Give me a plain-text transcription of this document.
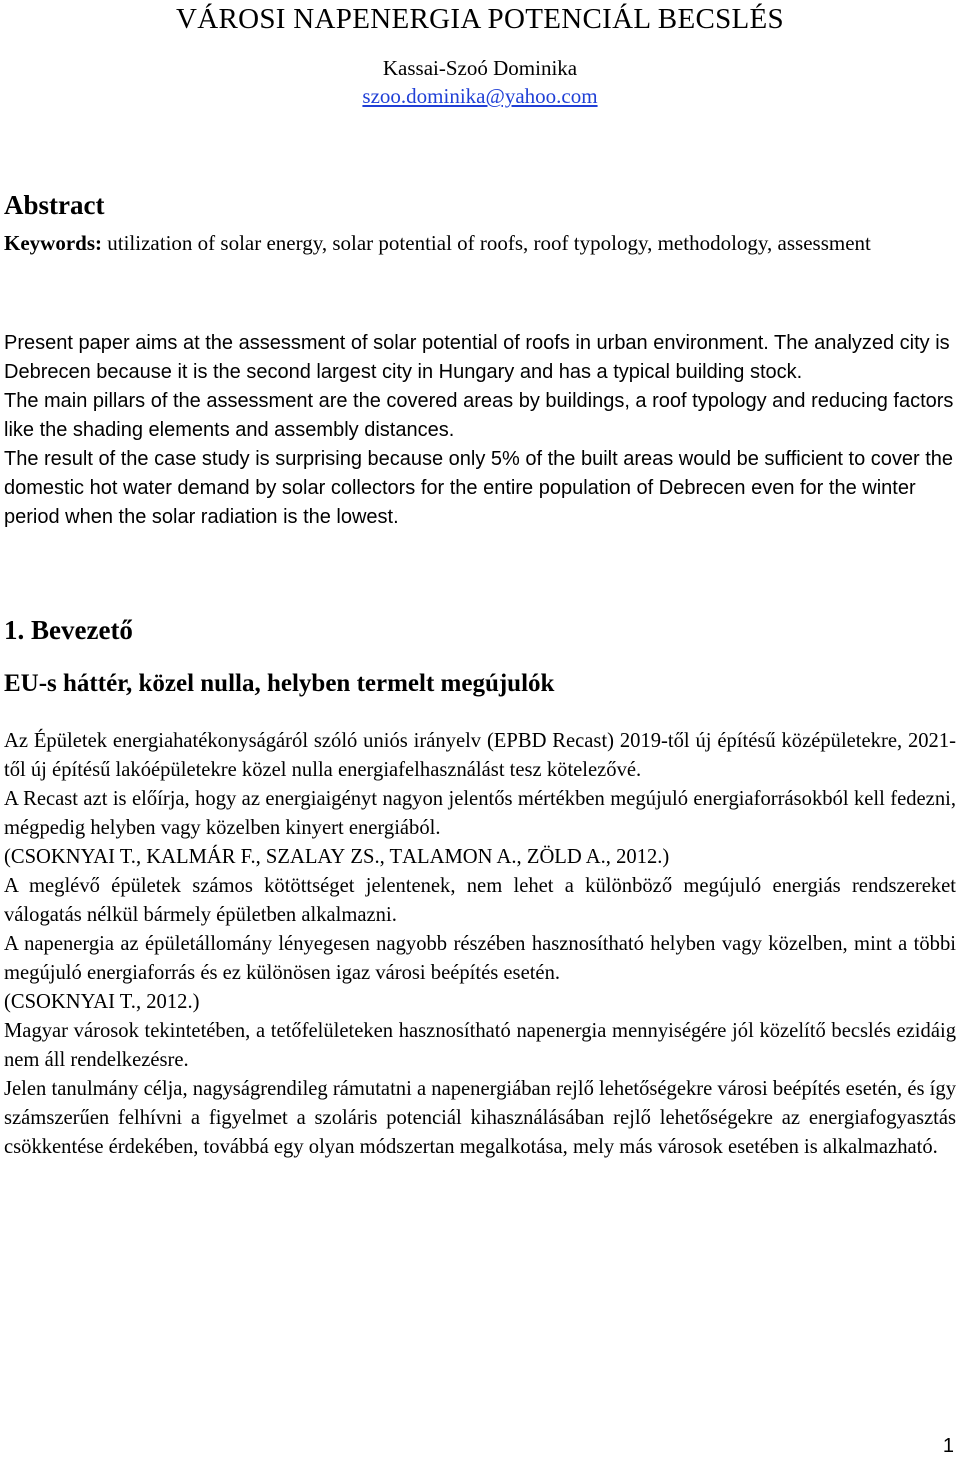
VÁROSI NAPENERGIA POTENCIÁL BECSLÉS

Kassai-Szoó Dominika

szoo.dominika@yahoo.com

Abstract

Keywords: utilization of solar energy, solar potential of roofs, roof typology, methodology, assessment

Present paper aims at the assessment of solar potential of roofs in urban environment. The analyzed city is Debrecen because it is the second largest city in Hungary and has a typical building stock.

The main pillars of the assessment are the covered areas by buildings, a roof typology and reducing factors like the shading elements and assembly distances.

The result of the case study is surprising because only 5% of the built areas would be sufficient to cover the domestic hot water demand by solar collectors for the entire population of Debrecen even for the winter period when the solar radiation is the lowest.

1. Bevezető
EU-s háttér, közel nulla, helyben termelt megújulók

Az Épületek energiahatékonyságáról szóló uniós irányelv (EPBD Recast) 2019-től új építésű középületekre, 2021-től új építésű lakóépületekre közel nulla energiafelhasználást tesz kötelezővé.

A Recast azt is előírja, hogy az energiaigényt nagyon jelentős mértékben megújuló energiaforrásokból kell fedezni, mégpedig helyben vagy közelben kinyert energiából.

(CSOKNYAI T., KALMÁR F., SZALAY ZS., TALAMON A., ZÖLD A., 2012.)

A meglévő épületek számos kötöttséget jelentenek, nem lehet a különböző megújuló energiás rendszereket válogatás nélkül bármely épületben alkalmazni.

A napenergia az épületállomány lényegesen nagyobb részében hasznosítható helyben vagy közelben, mint a többi megújuló energiaforrás és ez különösen igaz városi beépítés esetén.

(CSOKNYAI T., 2012.)

Magyar városok tekintetében, a tetőfelületeken hasznosítható napenergia mennyiségére jól közelítő becslés ezidáig nem áll rendelkezésre.

Jelen tanulmány célja, nagyságrendileg rámutatni a napenergiában rejlő lehetőségekre városi beépítés esetén, és így számszerűen felhívni a figyelmet a szoláris potenciál kihasználásában rejlő lehetőségekre az energiafogyasztás csökkentése érdekében, továbbá egy olyan módszertan megalkotása, mely más városok esetében is alkalmazható.

1
